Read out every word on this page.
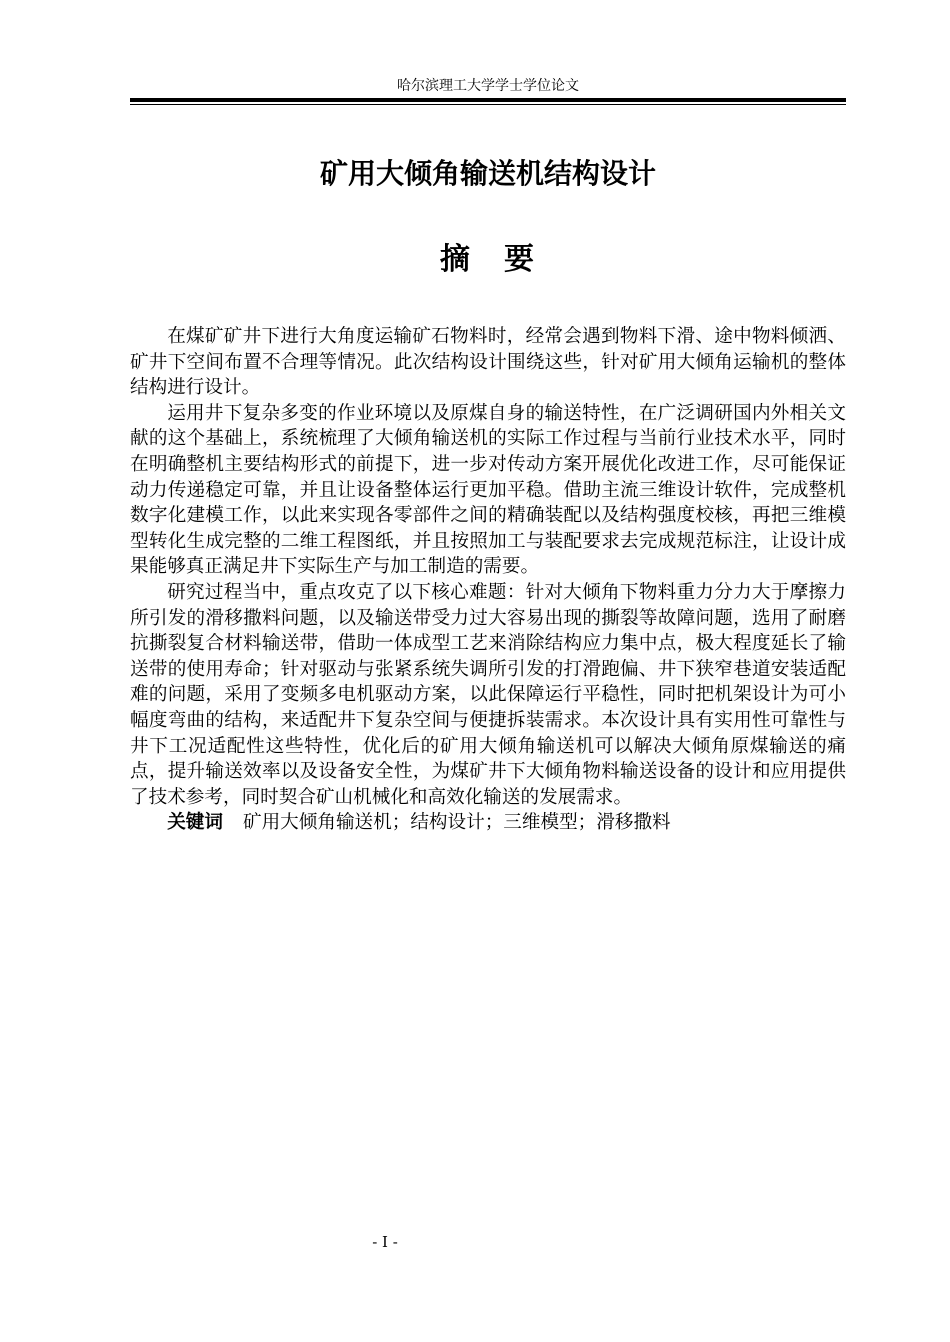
哈尔滨理工大学学士学位论文
矿用大倾角输送机结构设计
摘　要

在煤矿矿井下进行大角度运输矿石物料时，经常会遇到物料下滑、途中物料倾洒、矿井下空间布置不合理等情况。此次结构设计围绕这些，针对矿用大倾角运输机的整体结构进行设计。

运用井下复杂多变的作业环境以及原煤自身的输送特性，在广泛调研国内外相关文献的这个基础上，系统梳理了大倾角输送机的实际工作过程与当前行业技术水平，同时在明确整机主要结构形式的前提下，进一步对传动方案开展优化改进工作，尽可能保证动力传递稳定可靠，并且让设备整体运行更加平稳。借助主流三维设计软件，完成整机数字化建模工作，以此来实现各零部件之间的精确装配以及结构强度校核，再把三维模型转化生成完整的二维工程图纸，并且按照加工与装配要求去完成规范标注，让设计成果能够真正满足井下实际生产与加工制造的需要。

研究过程当中，重点攻克了以下核心难题：针对大倾角下物料重力分力大于摩擦力所引发的滑移撒料问题，以及输送带受力过大容易出现的撕裂等故障问题，选用了耐磨抗撕裂复合材料输送带，借助一体成型工艺来消除结构应力集中点，极大程度延长了输送带的使用寿命；针对驱动与张紧系统失调所引发的打滑跑偏、井下狭窄巷道安装适配难的问题，采用了变频多电机驱动方案，以此保障运行平稳性，同时把机架设计为可小幅度弯曲的结构，来适配井下复杂空间与便捷拆装需求。本次设计具有实用性可靠性与井下工况适配性这些特性，优化后的矿用大倾角输送机可以解决大倾角原煤输送的痛点，提升输送效率以及设备安全性，为煤矿井下大倾角物料输送设备的设计和应用提供了技术参考，同时契合矿山机械化和高效化输送的发展需求。

关键词 矿用大倾角输送机；结构设计；三维模型；滑移撒料

- I -
